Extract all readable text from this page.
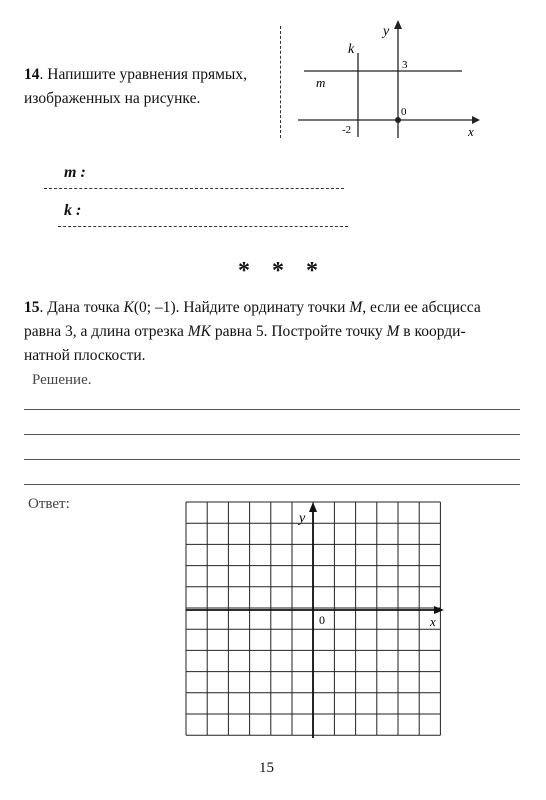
14. Напишите уравнения прямых,
изображенных на рисунке.
y
x
k
m
3
0
-2
m :
k :
* * *
15. Дана точка K(0; –1). Найдите ординату точки M, если ее абсцисса
равна 3, а длина отрезка MK равна 5. Постройте точку M в коорди-
натной плоскости.
Решение.
Ответ:
y
x
0
15
